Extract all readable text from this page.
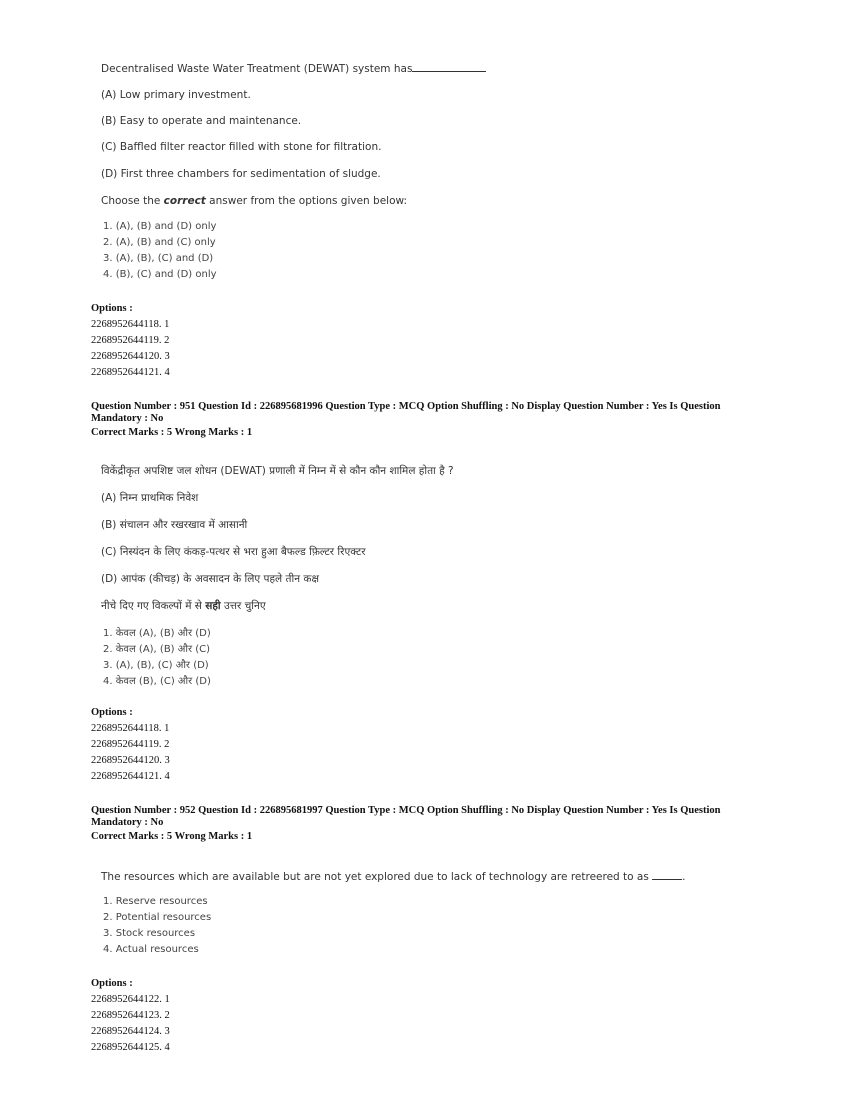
Decentralised Waste Water Treatment (DEWAT) system has
(A) Low primary investment.
(B) Easy to operate and maintenance.
(C) Baffled filter reactor filled with stone for filtration.
(D) First three chambers for sedimentation of sludge.
Choose the correct answer from the options given below:
1. (A), (B) and (D) only
2. (A), (B) and (C) only
3. (A), (B), (C) and (D)
4. (B), (C) and (D) only
Options :
2268952644118. 1
2268952644119. 2
2268952644120. 3
2268952644121. 4
Question Number : 951 Question Id : 226895681996 Question Type : MCQ Option Shuffling : No Display Question Number : Yes Is Question Mandatory : No
Correct Marks : 5 Wrong Marks : 1
विकेंद्रीकृत अपशिष्ट जल शोधन (DEWAT) प्रणाली में निम्न में से कौन कौन शामिल होता है ?
(A) निम्न प्राथमिक निवेश
(B) संचालन और रखरखाव में आसानी
(C) निस्यंदन के लिए कंकड़-पत्थर से भरा हुआ बैफल्ड फ़िल्टर रिएक्टर
(D) आपंक (कीचड़) के अवसादन के लिए पहले तीन कक्ष
नीचे दिए गए विकल्पों में से सही उत्तर चुनिए
1. केवल (A), (B) और (D)
2. केवल (A), (B) और (C)
3. (A), (B), (C) और (D)
4. केवल (B), (C) और (D)
Options :
2268952644118. 1
2268952644119. 2
2268952644120. 3
2268952644121. 4
Question Number : 952 Question Id : 226895681997 Question Type : MCQ Option Shuffling : No Display Question Number : Yes Is Question Mandatory : No
Correct Marks : 5 Wrong Marks : 1
The resources which are available but are not yet explored due to lack of technology are retreered to as	.
1. Reserve resources
2. Potential resources
3. Stock resources
4. Actual resources
Options :
2268952644122. 1
2268952644123. 2
2268952644124. 3
2268952644125. 4
